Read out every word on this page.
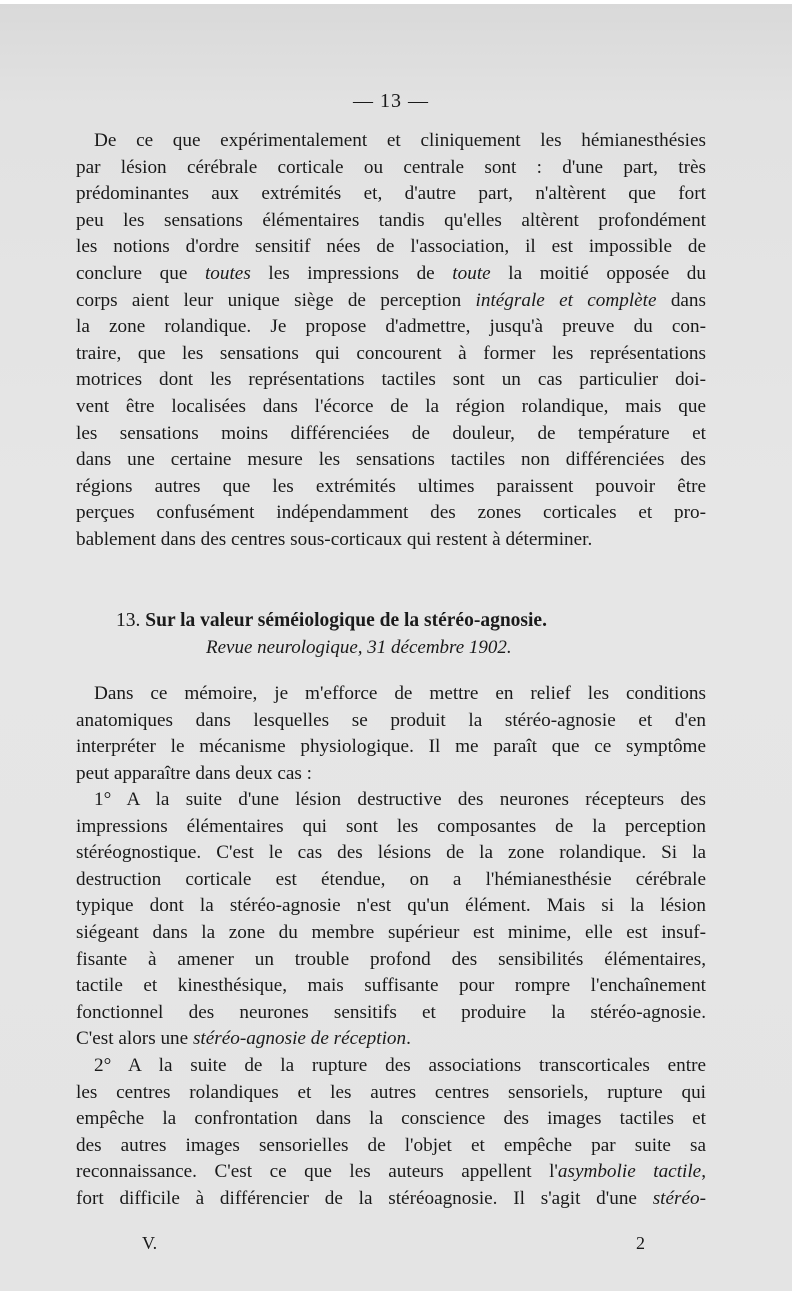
— 13 —
De ce que expérimentalement et cliniquement les hémianesthésies
par lésion cérébrale corticale ou centrale sont : d'une part, très
prédominantes aux extrémités et, d'autre part, n'altèrent que fort
peu les sensations élémentaires tandis qu'elles altèrent profondément
les notions d'ordre sensitif nées de l'association, il est impossible de
conclure que toutes les impressions de toute la moitié opposée du
corps aient leur unique siège de perception intégrale et complète dans
la zone rolandique. Je propose d'admettre, jusqu'à preuve du con-
traire, que les sensations qui concourent à former les représentations
motrices dont les représentations tactiles sont un cas particulier doi-
vent être localisées dans l'écorce de la région rolandique, mais que
les sensations moins différenciées de douleur, de température et
dans une certaine mesure les sensations tactiles non différenciées des
régions autres que les extrémités ultimes paraissent pouvoir être
perçues confusément indépendamment des zones corticales et pro-
bablement dans des centres sous-corticaux qui restent à déterminer.
13. Sur la valeur séméiologique de la stéréo-agnosie.
Revue neurologique, 31 décembre 1902.
Dans ce mémoire, je m'efforce de mettre en relief les conditions
anatomiques dans lesquelles se produit la stéréo-agnosie et d'en
interpréter le mécanisme physiologique. Il me paraît que ce symptôme
peut apparaître dans deux cas :
1° A la suite d'une lésion destructive des neurones récepteurs des
impressions élémentaires qui sont les composantes de la perception
stéréognostique. C'est le cas des lésions de la zone rolandique. Si la
destruction corticale est étendue, on a l'hémianesthésie cérébrale
typique dont la stéréo-agnosie n'est qu'un élément. Mais si la lésion
siégeant dans la zone du membre supérieur est minime, elle est insuf-
fisante à amener un trouble profond des sensibilités élémentaires,
tactile et kinesthésique, mais suffisante pour rompre l'enchaînement
fonctionnel des neurones sensitifs et produire la stéréo-agnosie.
C'est alors une stéréo-agnosie de réception.
2° A la suite de la rupture des associations transcorticales entre
les centres rolandiques et les autres centres sensoriels, rupture qui
empêche la confrontation dans la conscience des images tactiles et
des autres images sensorielles de l'objet et empêche par suite sa
reconnaissance. C'est ce que les auteurs appellent l'asymbolie tactile,
fort difficile à différencier de la stéréoagnosie. Il s'agit d'une stéréo-
V.	2
